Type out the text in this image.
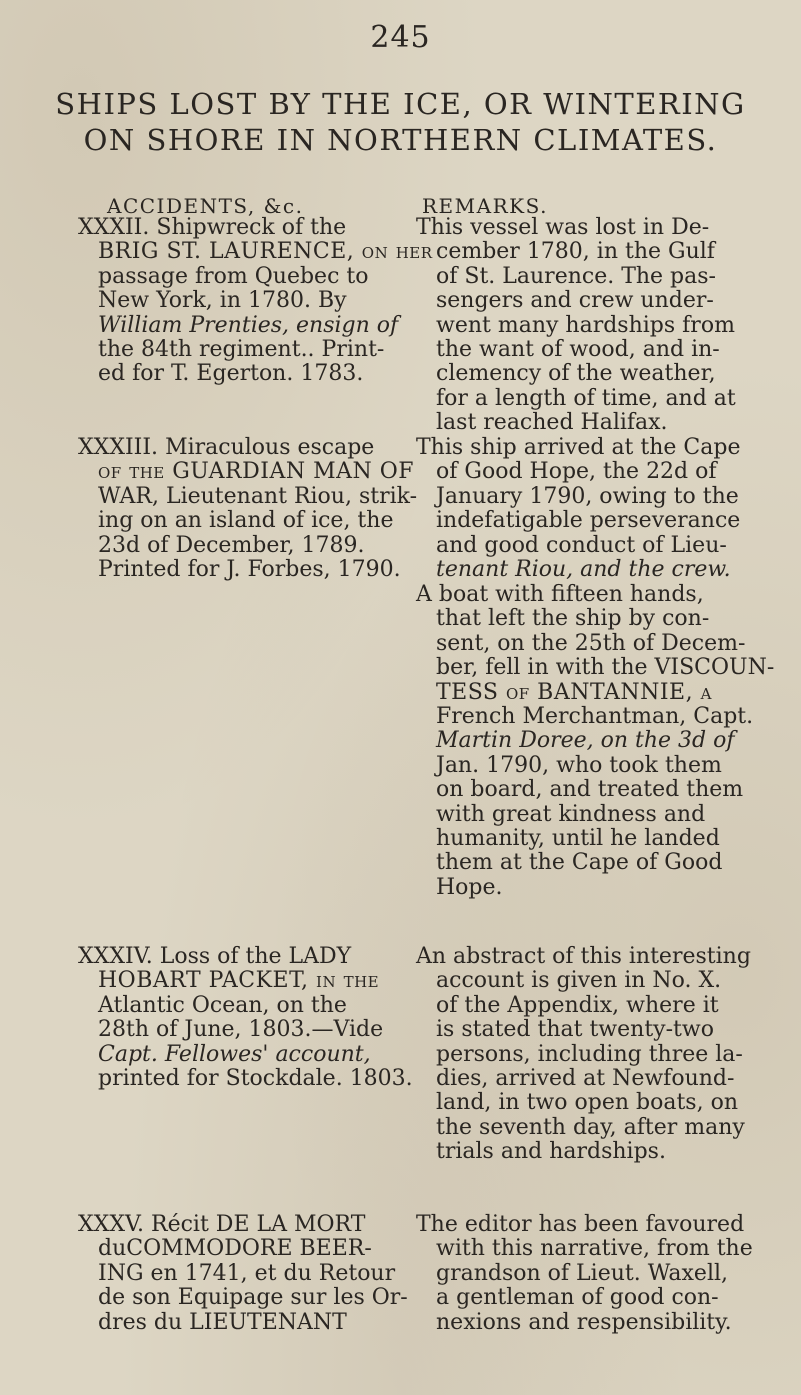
245
SHIPS LOST BY THE ICE, OR WINTERING
ON SHORE IN NORTHERN CLIMATES.
ACCIDENTS, &c.	REMARKS.
XXXII. Shipwreck of the
BRIG ST. LAURENCE, on her
passage from Quebec to
New York, in 1780. By
William Prenties, ensign of
the 84th regiment.. Print-
ed for T. Egerton. 1783.
XXXIII. Miraculous escape
of the GUARDIAN MAN OF
WAR, Lieutenant Riou, strik-
ing on an island of ice, the
23d of December, 1789.
Printed for J. Forbes, 1790.
XXXIV. Loss of the LADY
HOBART PACKET, in the
Atlantic Ocean, on the
28th of June, 1803.—Vide
Capt. Fellowes' account,
printed for Stockdale. 1803.
XXXV. Récit DE LA MORT
duCOMMODORE BEER-
ING en 1741, et du Retour
de son Equipage sur les Or-
dres du LIEUTENANT
This vessel was lost in De-
cember 1780, in the Gulf
of St. Laurence. The pas-
sengers and crew under-
went many hardships from
the want of wood, and in-
clemency of the weather,
for a length of time, and at
last reached Halifax.
This ship arrived at the Cape
of Good Hope, the 22d of
January 1790, owing to the
indefatigable perseverance
and good conduct of Lieu-
tenant Riou, and the crew.
A boat with fifteen hands,
that left the ship by con-
sent, on the 25th of Decem-
ber, fell in with the VISCOUN-
TESS of BANTANNIE, a
French Merchantman, Capt.
Martin Doree, on the 3d of
Jan. 1790, who took them
on board, and treated them
with great kindness and
humanity, until he landed
them at the Cape of Good
Hope.
An abstract of this interesting
account is given in No. X.
of the Appendix, where it
is stated that twenty-two
persons, including three la-
dies, arrived at Newfound-
land, in two open boats, on
the seventh day, after many
trials and hardships.
The editor has been favoured
with this narrative, from the
grandson of Lieut. Waxell,
a gentleman of good con-
nexions and respensibility.
